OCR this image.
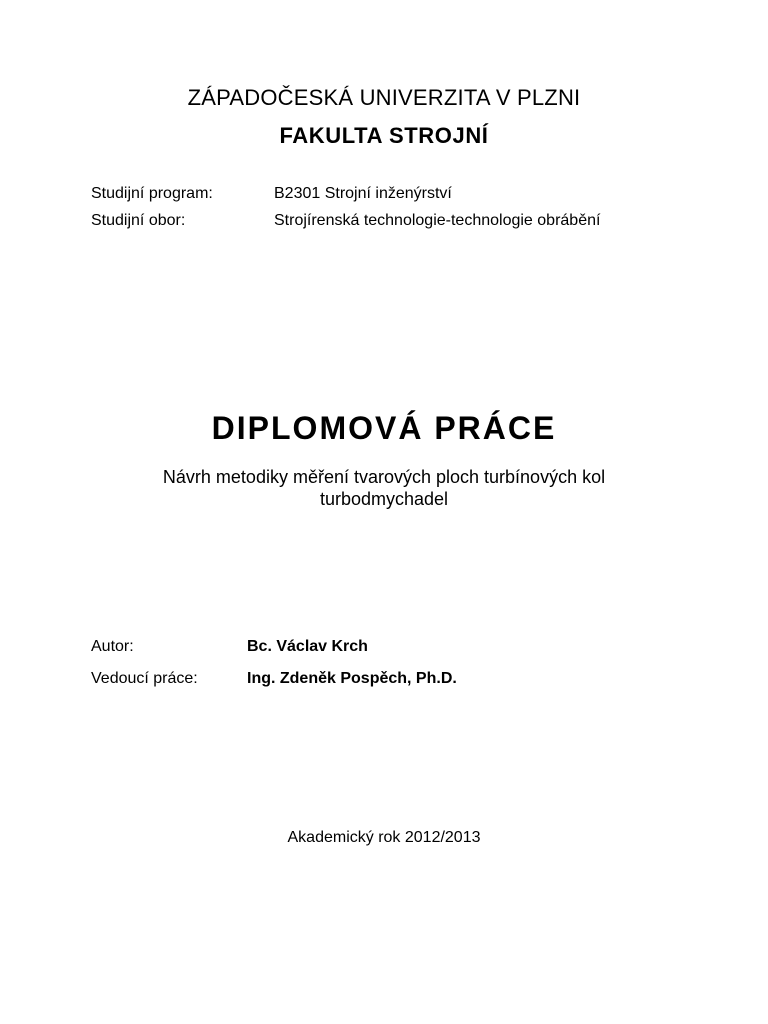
ZÁPADOČESKÁ UNIVERZITA V PLZNI
FAKULTA STROJNÍ
Studijní program:	B2301 Strojní inženýrství
Studijní obor:	Strojírenská technologie-technologie obrábění
DIPLOMOVÁ PRÁCE
Návrh metodiky měření tvarových ploch turbínových kol
turbodmychadel
Autor:	Bc. Václav Krch
Vedoucí práce:	Ing. Zdeněk Pospěch, Ph.D.
Akademický rok 2012/2013
